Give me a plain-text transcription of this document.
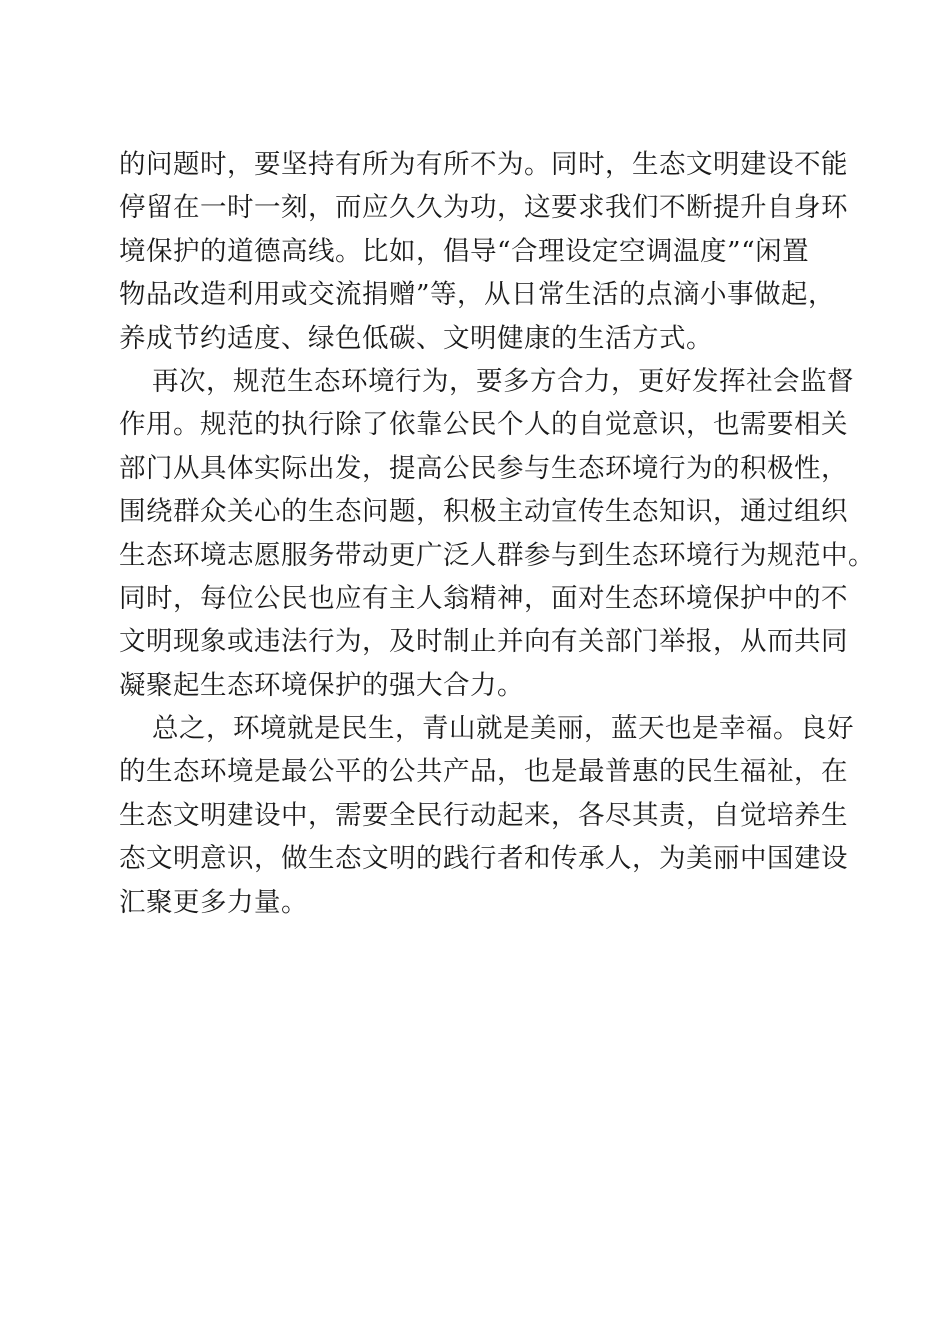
的问题时，要坚持有所为有所不为。同时，生态文明建设不能
停留在一时一刻，而应久久为功，这要求我们不断提升自身环
境保护的道德高线。比如，倡导“合理设定空调温度”“闲置
物品改造利用或交流捐赠”等，从日常生活的点滴小事做起，
养成节约适度、绿色低碳、文明健康的生活方式。
再次，规范生态环境行为，要多方合力，更好发挥社会监督
作用。规范的执行除了依靠公民个人的自觉意识，也需要相关
部门从具体实际出发，提高公民参与生态环境行为的积极性，
围绕群众关心的生态问题，积极主动宣传生态知识，通过组织
生态环境志愿服务带动更广泛人群参与到生态环境行为规范中。
同时，每位公民也应有主人翁精神，面对生态环境保护中的不
文明现象或违法行为，及时制止并向有关部门举报，从而共同
凝聚起生态环境保护的强大合力。
总之，环境就是民生，青山就是美丽，蓝天也是幸福。良好
的生态环境是最公平的公共产品，也是最普惠的民生福祉，在
生态文明建设中，需要全民行动起来，各尽其责，自觉培养生
态文明意识，做生态文明的践行者和传承人，为美丽中国建设
汇聚更多力量。
